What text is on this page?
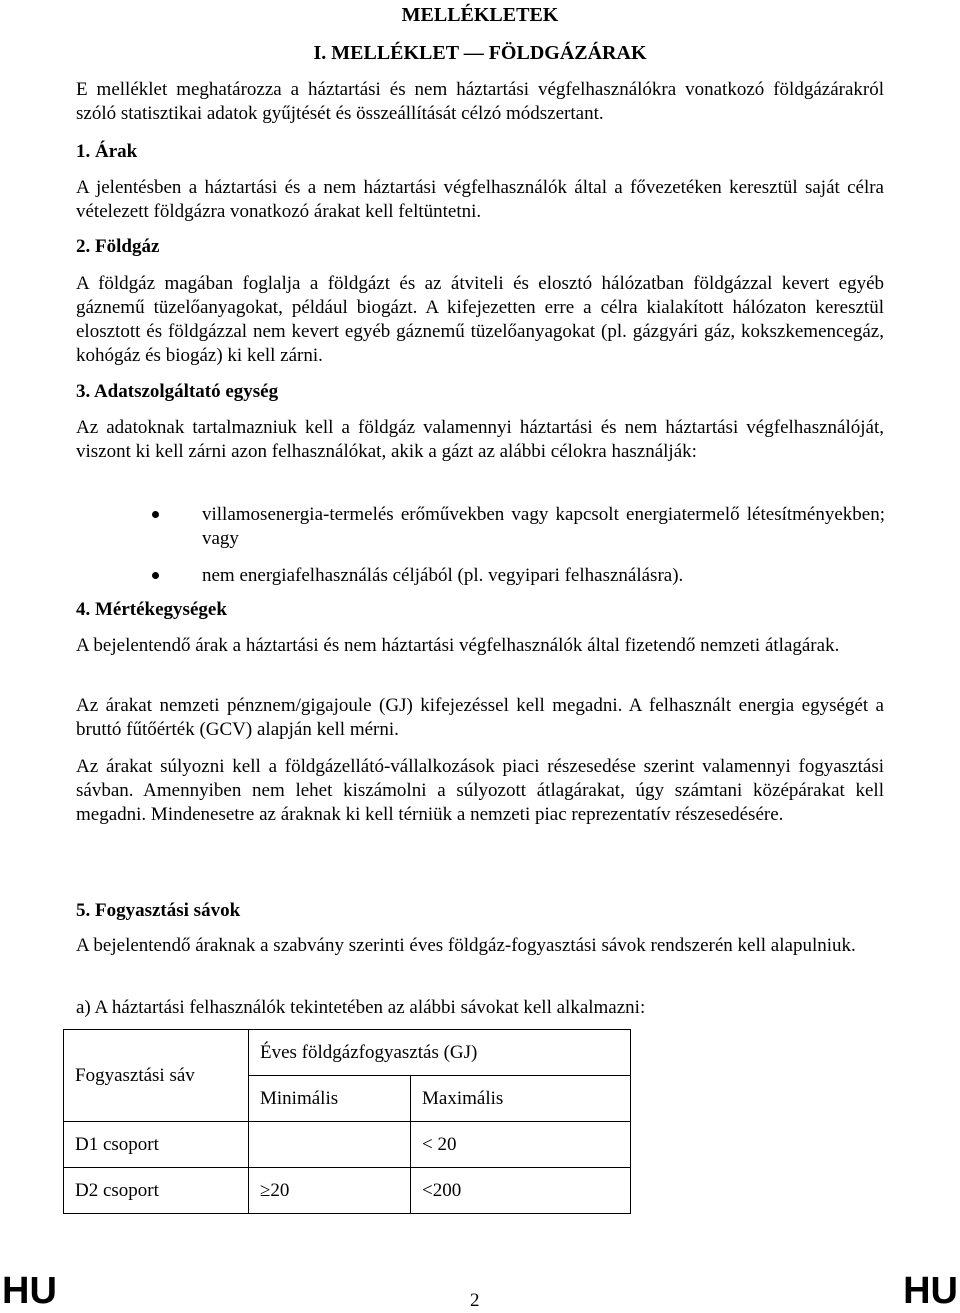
MELLÉKLETEK
I. MELLÉKLET — FÖLDGÁZÁRAK
E melléklet meghatározza a háztartási és nem háztartási végfelhasználókra vonatkozó földgázárakról szóló statisztikai adatok gyűjtését és összeállítását célzó módszertant.
1. Árak
A jelentésben a háztartási és a nem háztartási végfelhasználók által a fővezetéken keresztül saját célra vételezett földgázra vonatkozó árakat kell feltüntetni.
2. Földgáz
A földgáz magában foglalja a földgázt és az átviteli és elosztó hálózatban földgázzal kevert egyéb gáznemű tüzelőanyagokat, például biogázt. A kifejezetten erre a célra kialakított hálózaton keresztül elosztott és földgázzal nem kevert egyéb gáznemű tüzelőanyagokat (pl. gázgyári gáz, kokszkemencegáz, kohógáz és biogáz) ki kell zárni.
3. Adatszolgáltató egység
Az adatoknak tartalmazniuk kell a földgáz valamennyi háztartási és nem háztartási végfelhasználóját, viszont ki kell zárni azon felhasználókat, akik a gázt az alábbi célokra használják:
villamosenergia-termelés erőművekben vagy kapcsolt energiatermelő létesítményekben; vagy
nem energiafelhasználás céljából (pl. vegyipari felhasználásra).
4. Mértékegységek
A bejelentendő árak a háztartási és nem háztartási végfelhasználók által fizetendő nemzeti átlagárak.
Az árakat nemzeti pénznem/gigajoule (GJ) kifejezéssel kell megadni. A felhasznált energia egységét a bruttó fűtőérték (GCV) alapján kell mérni.
Az árakat súlyozni kell a földgázellátó-vállalkozások piaci részesedése szerint valamennyi fogyasztási sávban. Amennyiben nem lehet kiszámolni a súlyozott átlagárakat, úgy számtani középárakat kell megadni. Mindenesetre az áraknak ki kell térniük a nemzeti piac reprezentatív részesedésére.
5. Fogyasztási sávok
A bejelentendő áraknak a szabvány szerinti éves földgáz-fogyasztási sávok rendszerén kell alapulniuk.
a) A háztartási felhasználók tekintetében az alábbi sávokat kell alkalmazni:
Fogyasztási sáv	Éves földgázfogyasztás (GJ)	
	Minimális	Maximális
D1 csoport		< 20
D2 csoport	≥20	<200
HU	2	HU
